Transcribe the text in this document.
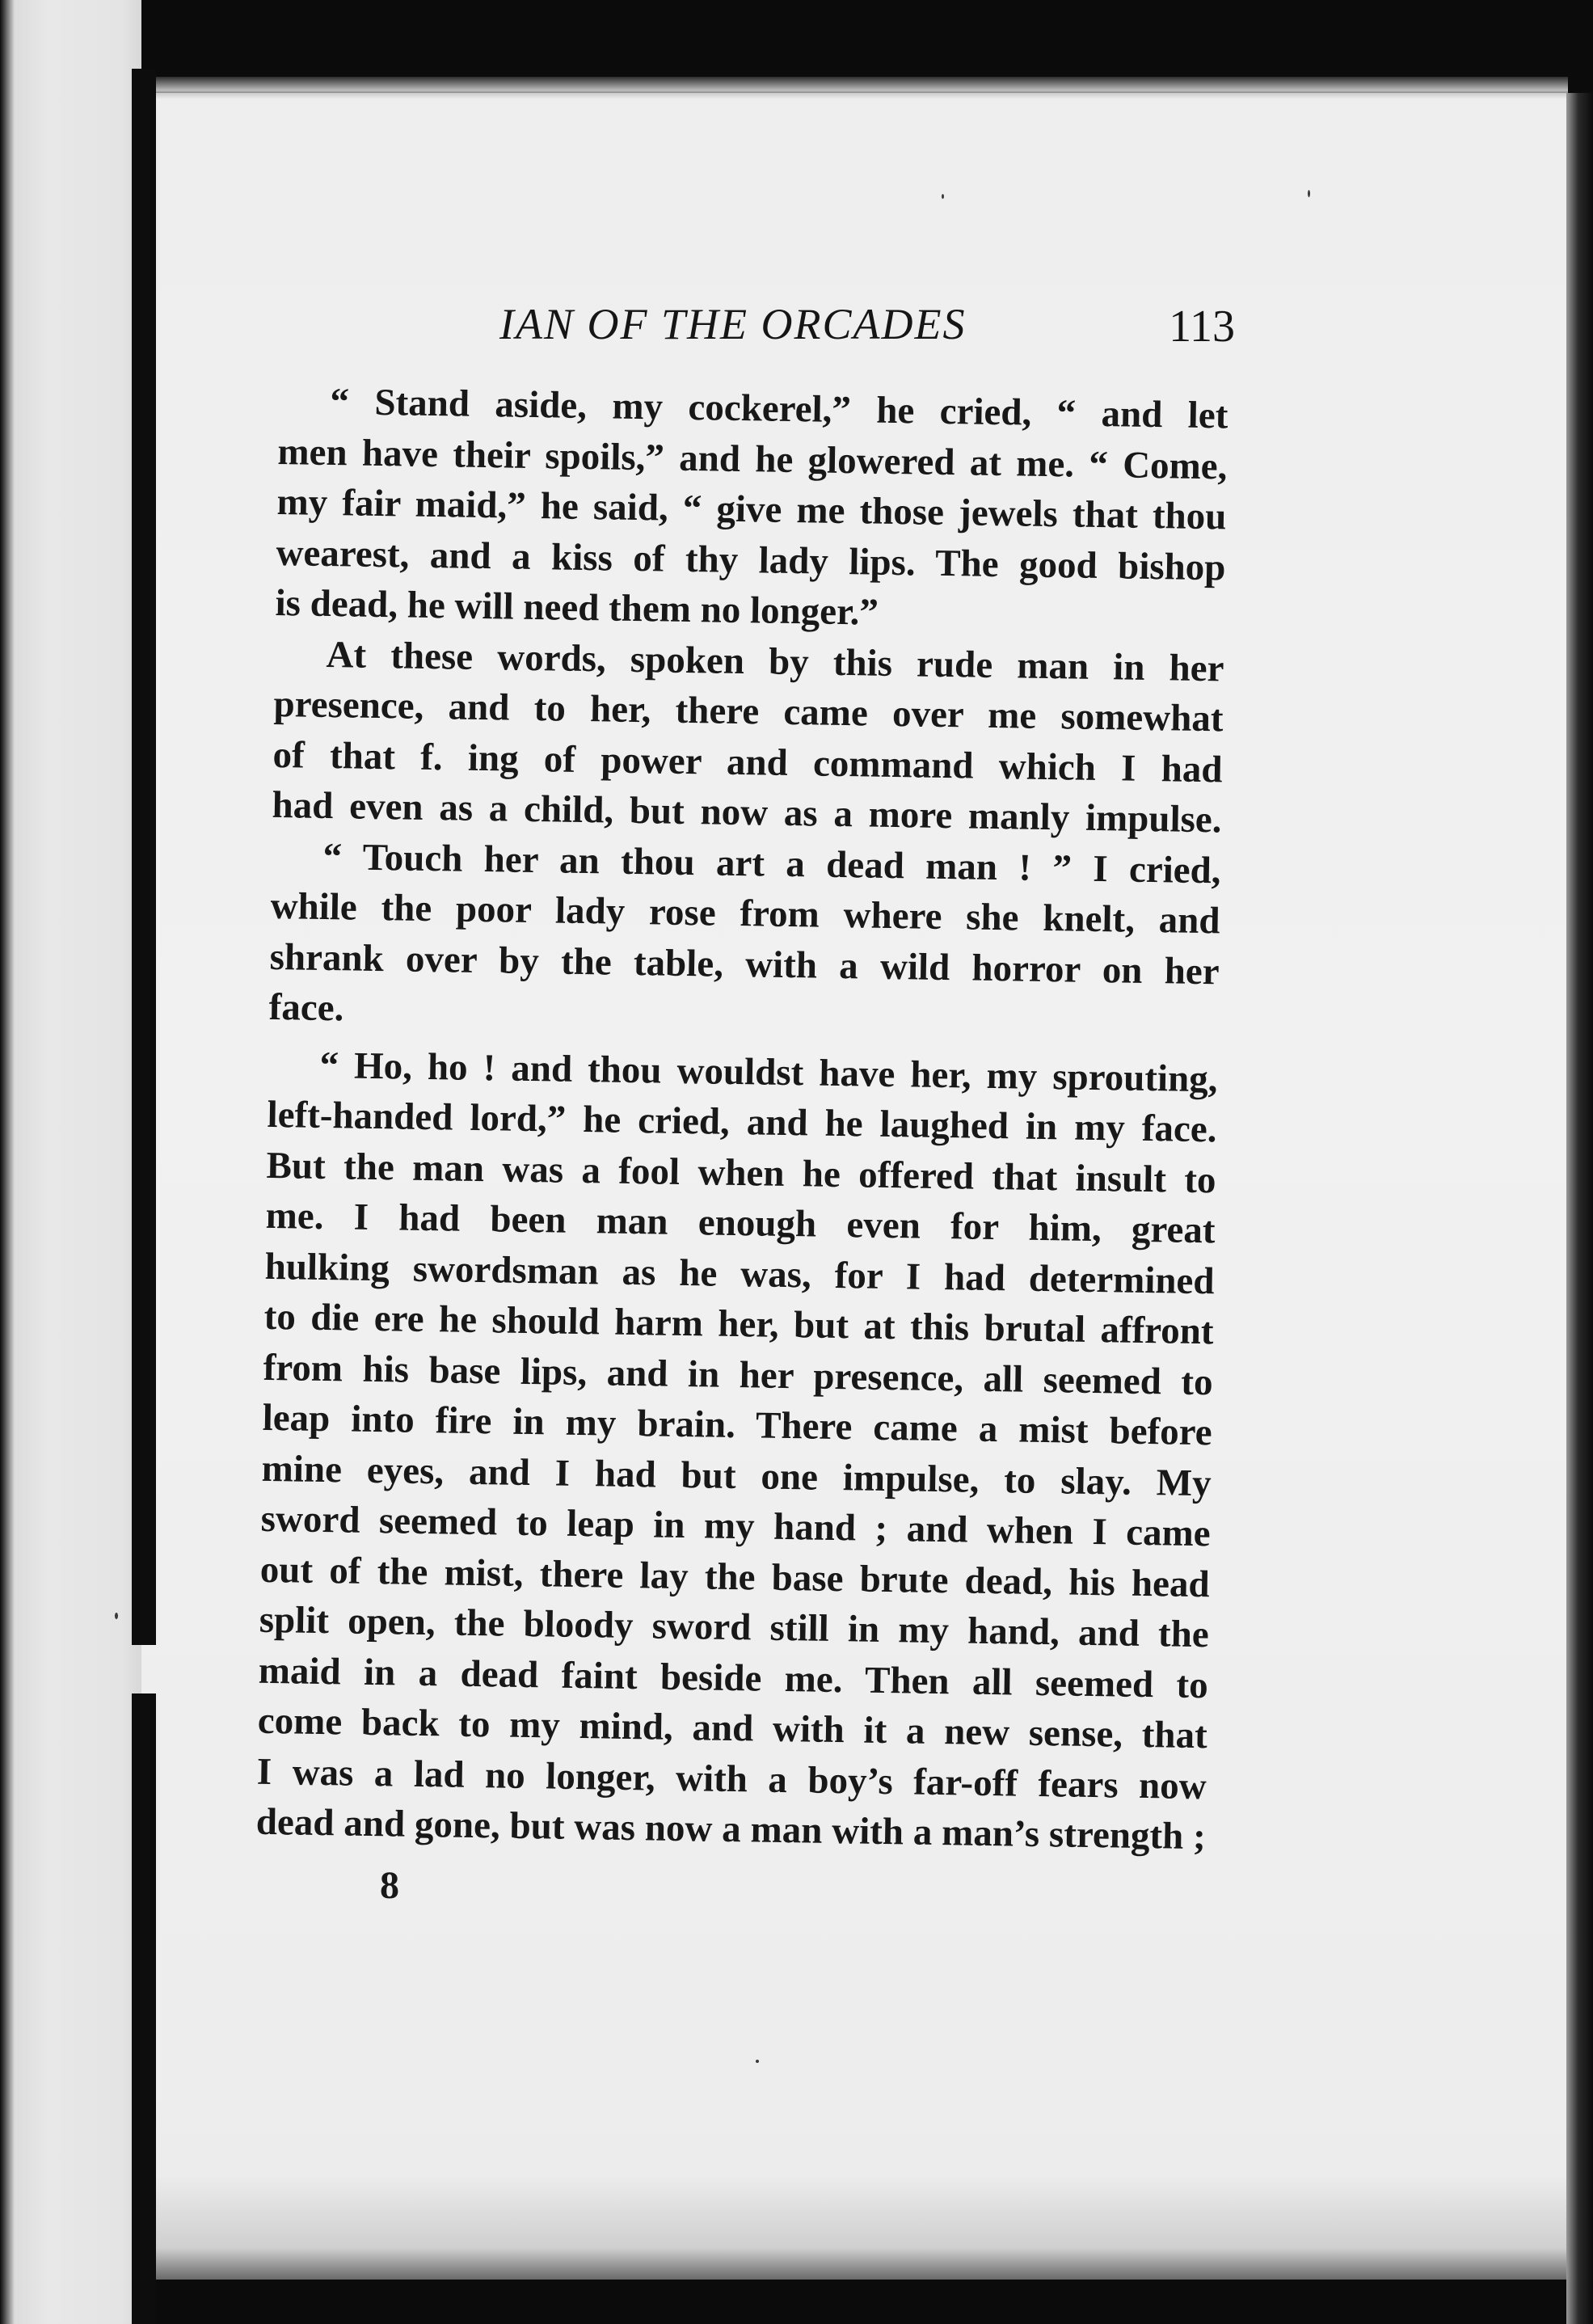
IAN OF THE ORCADES	113
“ Stand aside, my cockerel,” he cried, “ and let
men have their spoils,” and he glowered at me. “ Come,
my fair maid,” he said, “ give me those jewels that thou
wearest, and a kiss of thy lady lips. The good bishop
is dead, he will need them no longer.”
At these words, spoken by this rude man in her
presence, and to her, there came over me somewhat
of that f. ing of power and command which I had
had even as a child, but now as a more manly impulse.
“ Touch her an thou art a dead man ! ” I cried,
while the poor lady rose from where she knelt, and
shrank over by the table, with a wild horror on her
face.
“ Ho, ho ! and thou wouldst have her, my sprouting,
left-handed lord,” he cried, and he laughed in my face.
But the man was a fool when he offered that insult to
me. I had been man enough even for him, great
hulking swordsman as he was, for I had determined
to die ere he should harm her, but at this brutal affront
from his base lips, and in her presence, all seemed to
leap into fire in my brain. There came a mist before
mine eyes, and I had but one impulse, to slay. My
sword seemed to leap in my hand ; and when I came
out of the mist, there lay the base brute dead, his head
split open, the bloody sword still in my hand, and the
maid in a dead faint beside me. Then all seemed to
come back to my mind, and with it a new sense, that
I was a lad no longer, with a boy’s far-off fears now
dead and gone, but was now a man with a man’s strength ;
8
